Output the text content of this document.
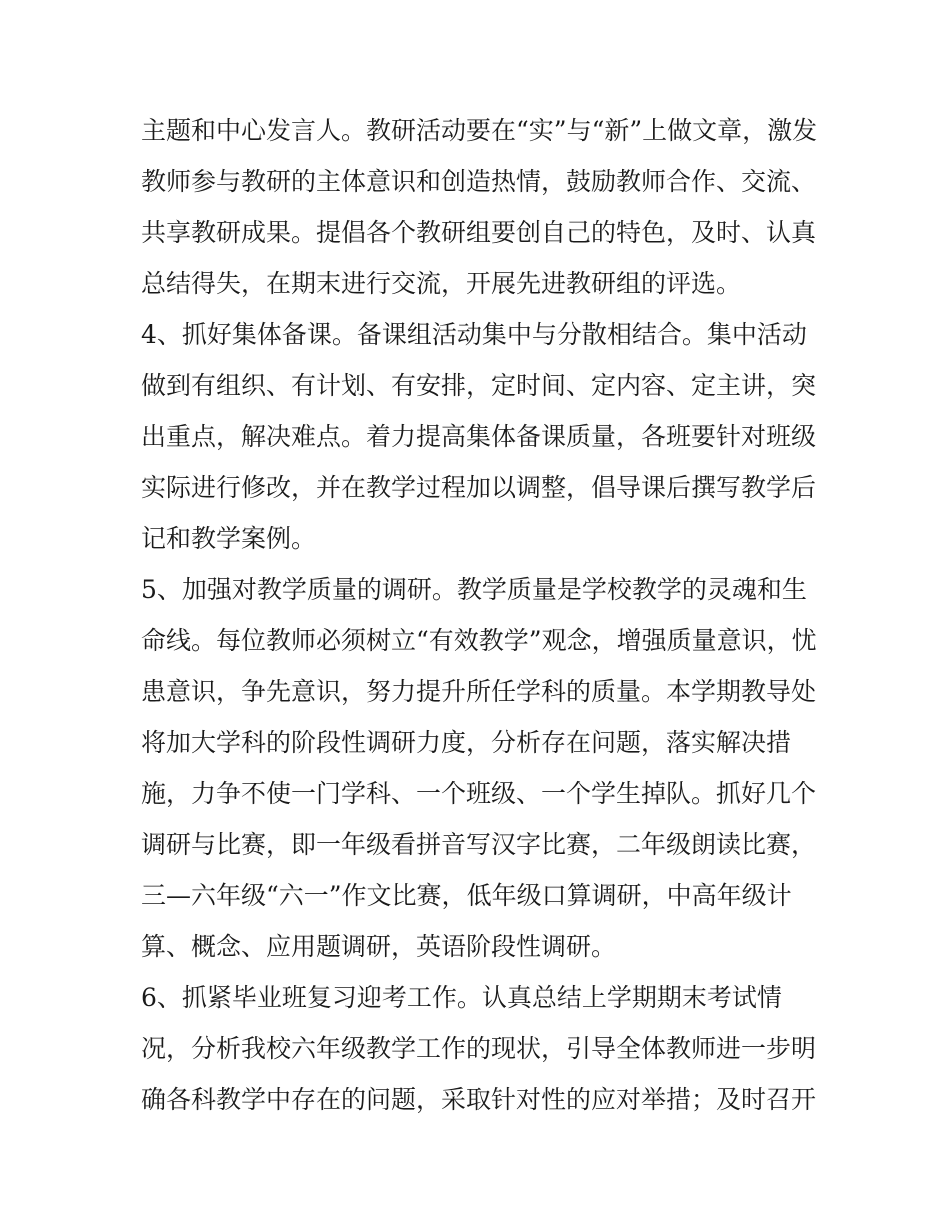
主题和中心发言人。教研活动要在“实”与“新”上做文章，激发
教师参与教研的主体意识和创造热情，鼓励教师合作、交流、
共享教研成果。提倡各个教研组要创自己的特色，及时、认真
总结得失，在期末进行交流，开展先进教研组的评选。
4、抓好集体备课。备课组活动集中与分散相结合。集中活动
做到有组织、有计划、有安排，定时间、定内容、定主讲，突
出重点，解决难点。着力提高集体备课质量，各班要针对班级
实际进行修改，并在教学过程加以调整，倡导课后撰写教学后
记和教学案例。
5、加强对教学质量的调研。教学质量是学校教学的灵魂和生
命线。每位教师必须树立“有效教学”观念，增强质量意识，忧
患意识，争先意识，努力提升所任学科的质量。本学期教导处
将加大学科的阶段性调研力度，分析存在问题，落实解决措
施，力争不使一门学科、一个班级、一个学生掉队。抓好几个
调研与比赛，即一年级看拼音写汉字比赛，二年级朗读比赛，
三—六年级“六一”作文比赛，低年级口算调研，中高年级计
算、概念、应用题调研，英语阶段性调研。
6、抓紧毕业班复习迎考工作。认真总结上学期期末考试情
况，分析我校六年级教学工作的现状，引导全体教师进一步明
确各科教学中存在的问题，采取针对性的应对举措；及时召开
